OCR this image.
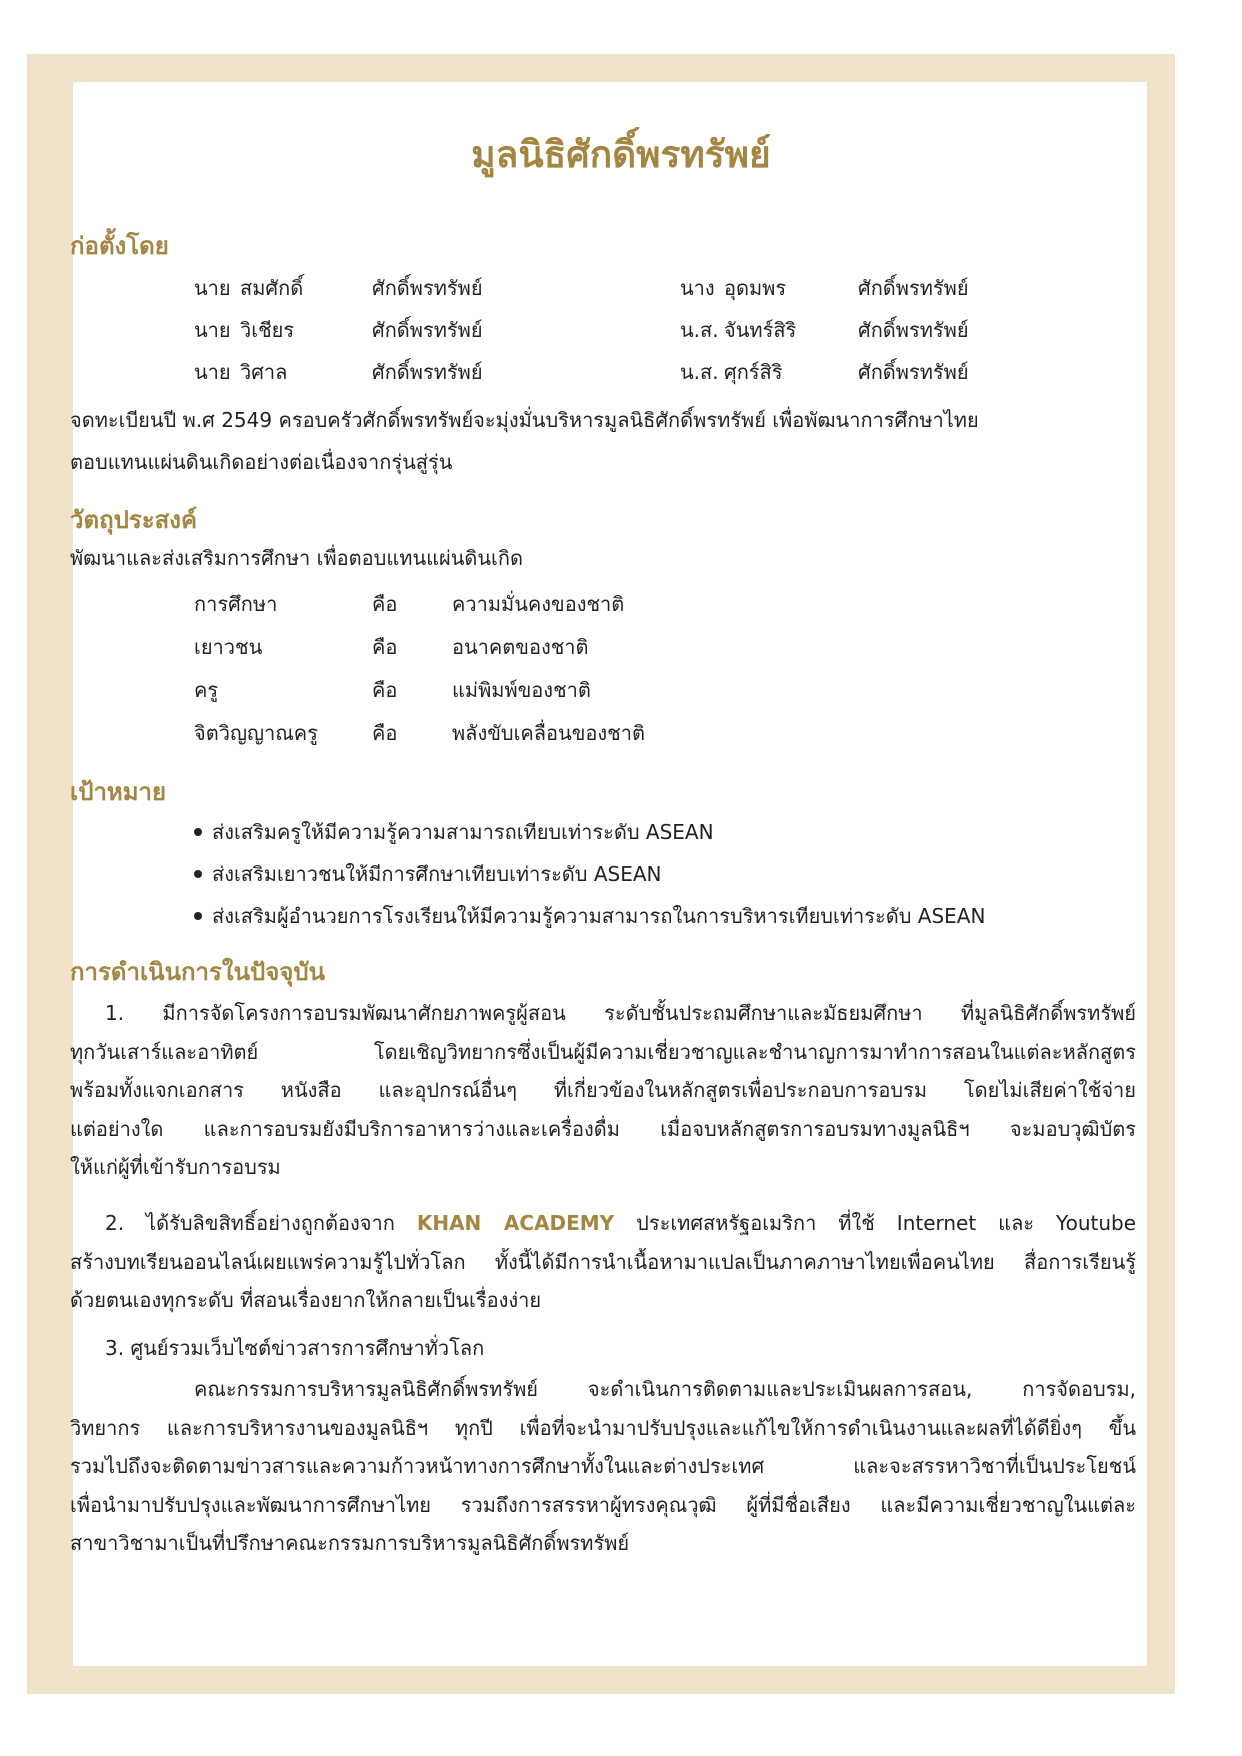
มูลนิธิศักดิ์พรทรัพย์
ก่อตั้งโดย
นาย สมศักดิ์	ศักดิ์พรทรัพย์	นาง อุดมพร	ศักดิ์พรทรัพย์
นาย วิเชียร	ศักดิ์พรทรัพย์	น.ส. จันทร์สิริ	ศักดิ์พรทรัพย์
นาย วิศาล	ศักดิ์พรทรัพย์	น.ส. ศุกร์สิริ	ศักดิ์พรทรัพย์
จดทะเบียนปี พ.ศ 2549 ครอบครัวศักดิ์พรทรัพย์จะมุ่งมั่นบริหารมูลนิธิศักดิ์พรทรัพย์ เพื่อพัฒนาการศึกษาไทย
ตอบแทนแผ่นดินเกิดอย่างต่อเนื่องจากรุ่นสู่รุ่น
วัตถุประสงค์
พัฒนาและส่งเสริมการศึกษา เพื่อตอบแทนแผ่นดินเกิด
การศึกษา	คือ	ความมั่นคงของชาติ
เยาวชน	คือ	อนาคตของชาติ
ครู	คือ	แม่พิมพ์ของชาติ
จิตวิญญาณครู	คือ	พลังขับเคลื่อนของชาติ
เป้าหมาย
ส่งเสริมครูให้มีความรู้ความสามารถเทียบเท่าระดับ ASEAN
ส่งเสริมเยาวชนให้มีการศึกษาเทียบเท่าระดับ ASEAN
ส่งเสริมผู้อำนวยการโรงเรียนให้มีความรู้ความสามารถในการบริหารเทียบเท่าระดับ ASEAN
การดำเนินการในปัจจุบัน
1. มีการจัดโครงการอบรมพัฒนาศักยภาพครูผู้สอน ระดับชั้นประถมศึกษาและมัธยมศึกษา ที่มูลนิธิศักดิ์พรทรัพย์
ทุกวันเสาร์และอาทิตย์ โดยเชิญวิทยากรซึ่งเป็นผู้มีความเชี่ยวชาญและชำนาญการมาทำการสอนในแต่ละหลักสูตร
พร้อมทั้งแจกเอกสาร หนังสือ และอุปกรณ์อื่นๆ ที่เกี่ยวข้องในหลักสูตรเพื่อประกอบการอบรม โดยไม่เสียค่าใช้จ่าย
แต่อย่างใด และการอบรมยังมีบริการอาหารว่างและเครื่องดื่ม เมื่อจบหลักสูตรการอบรมทางมูลนิธิฯ จะมอบวุฒิบัตร
ให้แก่ผู้ที่เข้ารับการอบรม
2. ได้รับลิขสิทธิ์อย่างถูกต้องจาก KHAN ACADEMY ประเทศสหรัฐอเมริกา ที่ใช้ Internet และ Youtube
สร้างบทเรียนออนไลน์เผยแพร่ความรู้ไปทั่วโลก ทั้งนี้ได้มีการนำเนื้อหามาแปลเป็นภาคภาษาไทยเพื่อคนไทย สื่อการเรียนรู้
ด้วยตนเองทุกระดับ ที่สอนเรื่องยากให้กลายเป็นเรื่องง่าย
3. ศูนย์รวมเว็บไซต์ข่าวสารการศึกษาทั่วโลก
คณะกรรมการบริหารมูลนิธิศักดิ์พรทรัพย์ จะดำเนินการติดตามและประเมินผลการสอน, การจัดอบรม,
วิทยากร และการบริหารงานของมูลนิธิฯ ทุกปี เพื่อที่จะนำมาปรับปรุงและแก้ไขให้การดำเนินงานและผลที่ได้ดียิ่งๆ ขึ้น
รวมไปถึงจะติดตามข่าวสารและความก้าวหน้าทางการศึกษาทั้งในและต่างประเทศ และจะสรรหาวิชาที่เป็นประโยชน์
เพื่อนำมาปรับปรุงและพัฒนาการศึกษาไทย รวมถึงการสรรหาผู้ทรงคุณวุฒิ ผู้ที่มีชื่อเสียง และมีความเชี่ยวชาญในแต่ละ
สาขาวิชามาเป็นที่ปรึกษาคณะกรรมการบริหารมูลนิธิศักดิ์พรทรัพย์
